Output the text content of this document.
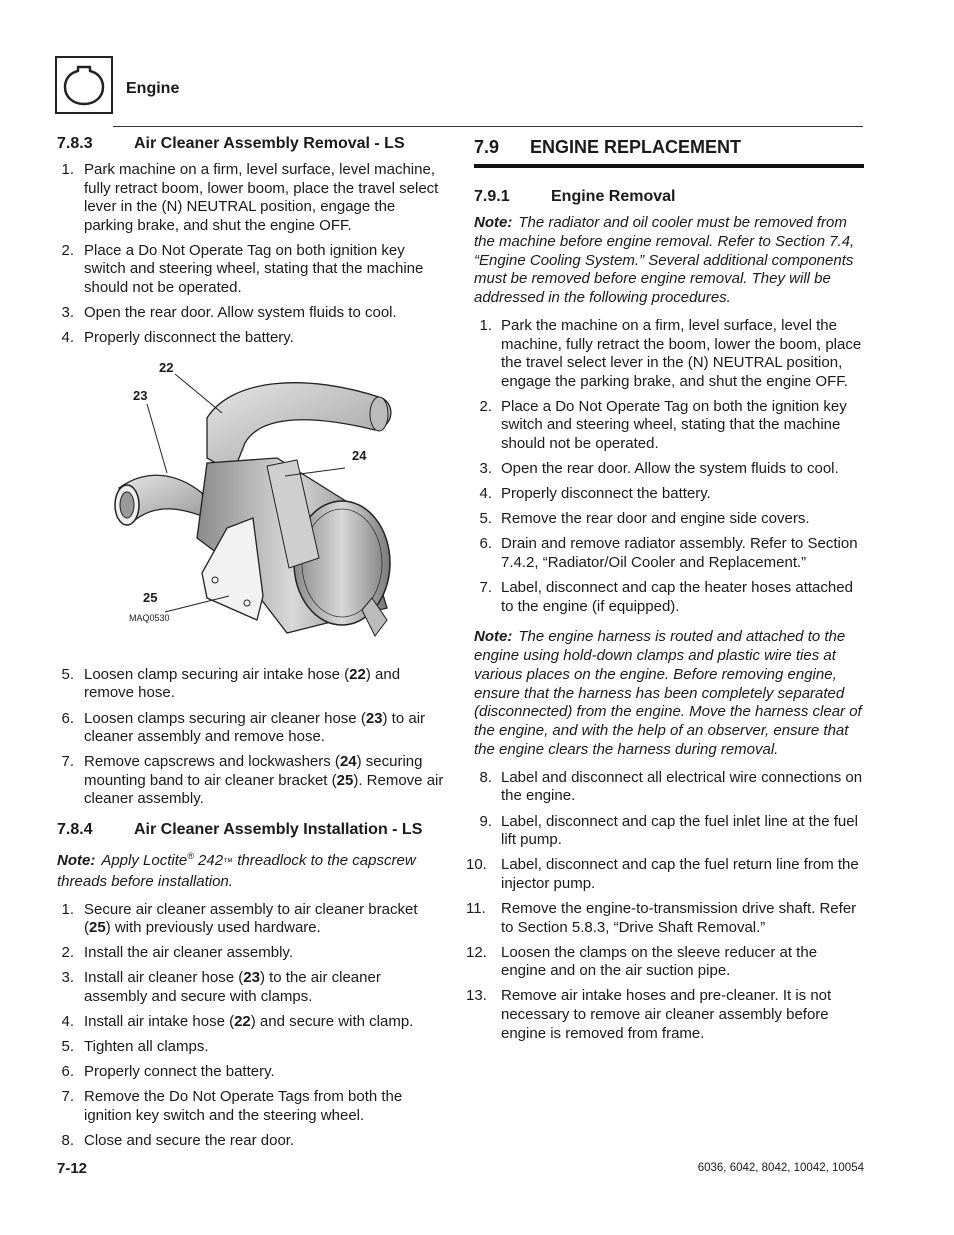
Engine
7.8.3	Air Cleaner Assembly Removal - LS
1. Park machine on a firm, level surface, level machine, fully retract boom, lower boom, place the travel select lever in the (N) NEUTRAL position, engage the parking brake, and shut the engine OFF.
2. Place a Do Not Operate Tag on both ignition key switch and steering wheel, stating that the machine should not be operated.
3. Open the rear door. Allow system fluids to cool.
4. Properly disconnect the battery.
22
23
24
25
MAQ0530
5. Loosen clamp securing air intake hose (22) and remove hose.
6. Loosen clamps securing air cleaner hose (23) to air cleaner assembly and remove hose.
7. Remove capscrews and lockwashers (24) securing mounting band to air cleaner bracket (25). Remove air cleaner assembly.
7.8.4	Air Cleaner Assembly Installation - LS
Note: Apply Loctite® 242™ threadlock to the capscrew threads before installation.
1. Secure air cleaner assembly to air cleaner bracket (25) with previously used hardware.
2. Install the air cleaner assembly.
3. Install air cleaner hose (23) to the air cleaner assembly and secure with clamps.
4. Install air intake hose (22) and secure with clamp.
5. Tighten all clamps.
6. Properly connect the battery.
7. Remove the Do Not Operate Tags from both the ignition key switch and the steering wheel.
8. Close and secure the rear door.
7.9	ENGINE REPLACEMENT
7.9.1	Engine Removal
Note: The radiator and oil cooler must be removed from the machine before engine removal. Refer to Section 7.4, “Engine Cooling System.” Several additional components must be removed before engine removal. They will be addressed in the following procedures.
1. Park the machine on a firm, level surface, level the machine, fully retract the boom, lower the boom, place the travel select lever in the (N) NEUTRAL position, engage the parking brake, and shut the engine OFF.
2. Place a Do Not Operate Tag on both the ignition key switch and steering wheel, stating that the machine should not be operated.
3. Open the rear door. Allow the system fluids to cool.
4. Properly disconnect the battery.
5. Remove the rear door and engine side covers.
6. Drain and remove radiator assembly. Refer to Section 7.4.2, “Radiator/Oil Cooler and Replacement.”
7. Label, disconnect and cap the heater hoses attached to the engine (if equipped).
Note: The engine harness is routed and attached to the engine using hold-down clamps and plastic wire ties at various places on the engine. Before removing engine, ensure that the harness has been completely separated (disconnected) from the engine. Move the harness clear of the engine, and with the help of an observer, ensure that the engine clears the harness during removal.
8. Label and disconnect all electrical wire connections on the engine.
9. Label, disconnect and cap the fuel inlet line at the fuel lift pump.
10. Label, disconnect and cap the fuel return line from the injector pump.
11. Remove the engine-to-transmission drive shaft. Refer to Section 5.8.3, “Drive Shaft Removal.”
12. Loosen the clamps on the sleeve reducer at the engine and on the air suction pipe.
13. Remove air intake hoses and pre-cleaner. It is not necessary to remove air cleaner assembly before engine is removed from frame.
7-12	6036, 6042, 8042, 10042, 10054
